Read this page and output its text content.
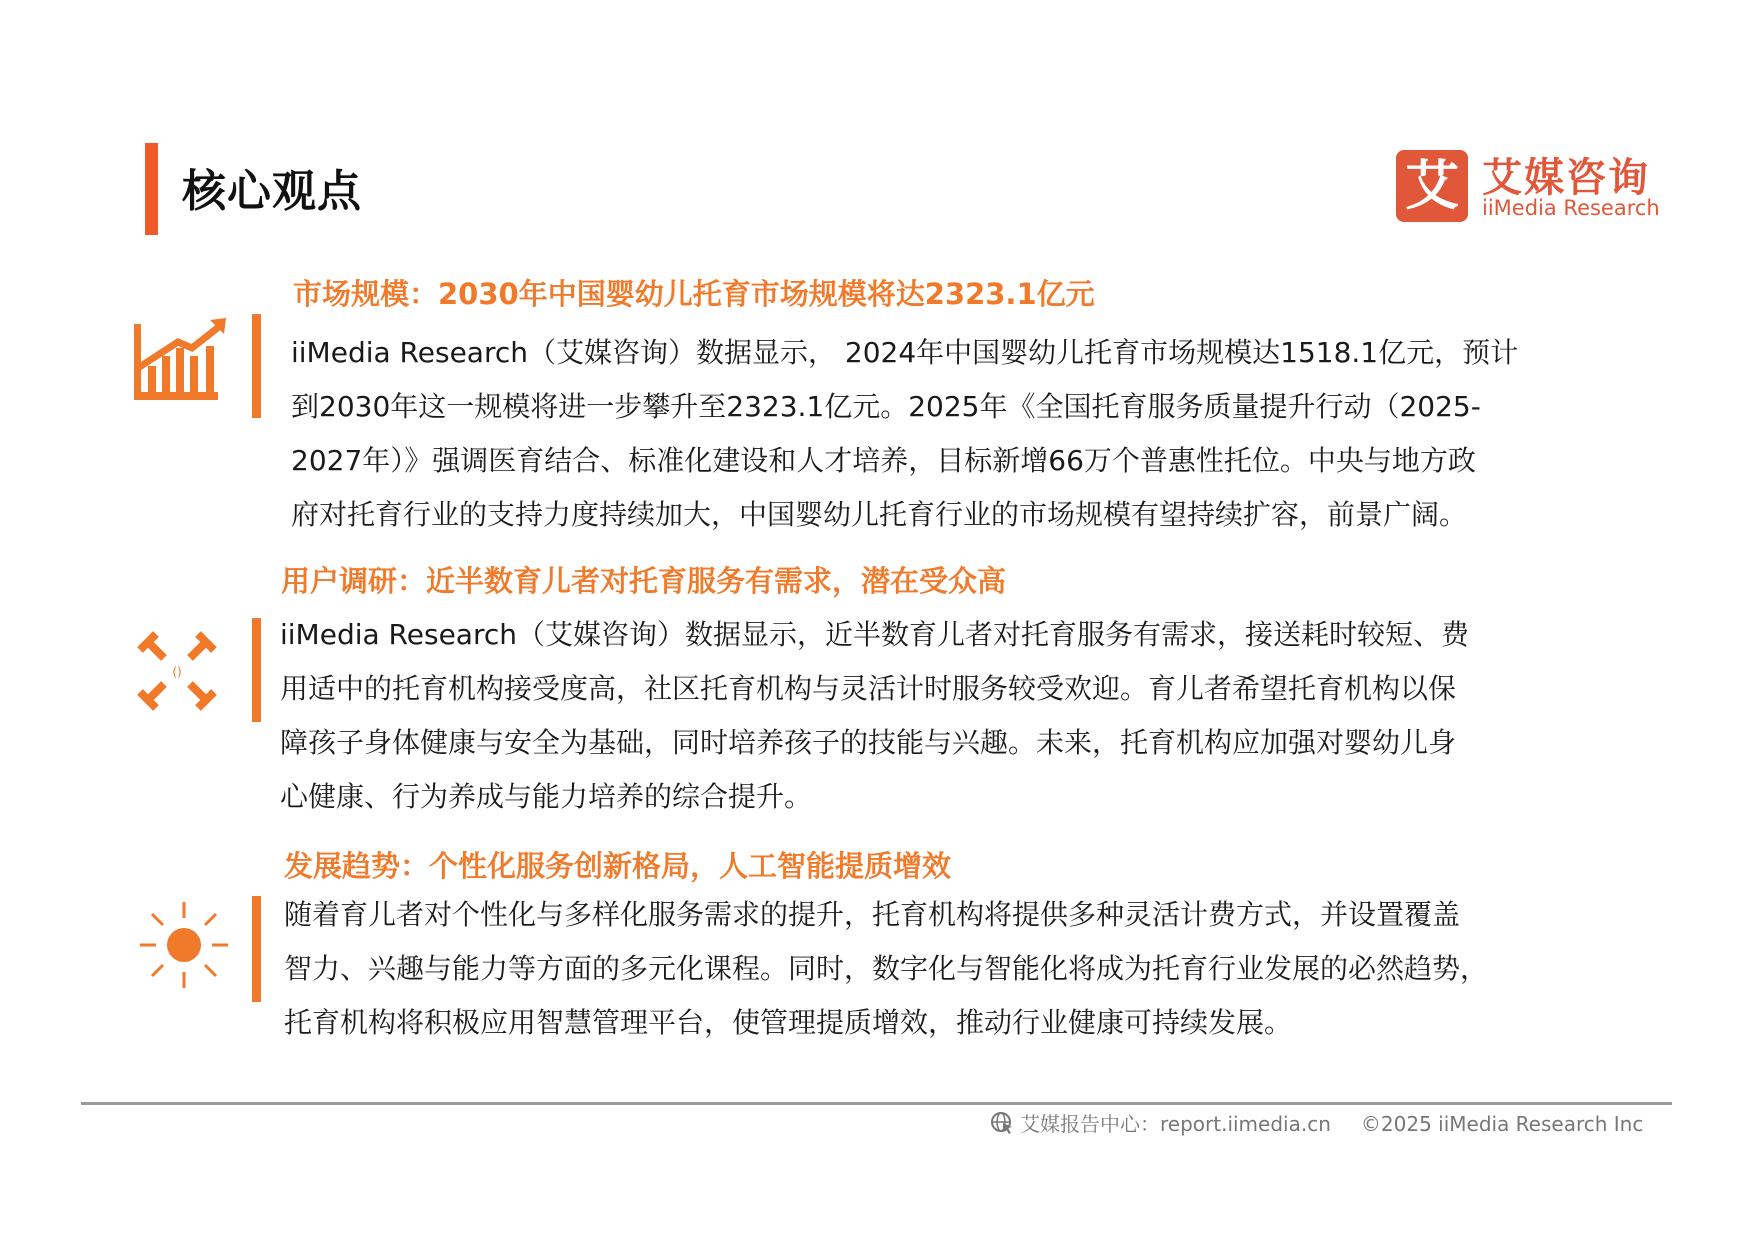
核心观点	艾 艾媒咨询
iiMedia Research
市场规模：2030年中国婴幼儿托育市场规模将达2323.1亿元
iiMedia Research（艾媒咨询）数据显示， 2024年中国婴幼儿托育市场规模达1518.1亿元，预计
到2030年这一规模将进一步攀升至2323.1亿元。2025年《全国托育服务质量提升行动（2025-
2027年）》强调医育结合、标准化建设和人才培养，目标新增66万个普惠性托位。中央与地方政
府对托育行业的支持力度持续加大，中国婴幼儿托育行业的市场规模有望持续扩容，前景广阔。
用户调研：近半数育儿者对托育服务有需求，潜在受众高
()
iiMedia Research（艾媒咨询）数据显示，近半数育儿者对托育服务有需求，接送耗时较短、费
用适中的托育机构接受度高，社区托育机构与灵活计时服务较受欢迎。育儿者希望托育机构以保
障孩子身体健康与安全为基础，同时培养孩子的技能与兴趣。未来，托育机构应加强对婴幼儿身
心健康、行为养成与能力培养的综合提升。
发展趋势：个性化服务创新格局，人工智能提质增效
随着育儿者对个性化与多样化服务需求的提升，托育机构将提供多种灵活计费方式，并设置覆盖
智力、兴趣与能力等方面的多元化课程。同时，数字化与智能化将成为托育行业发展的必然趋势，
托育机构将积极应用智慧管理平台，使管理提质增效，推动行业健康可持续发展。
艾媒报告中心：report.iimedia.cn ©2025 iiMedia Research Inc
